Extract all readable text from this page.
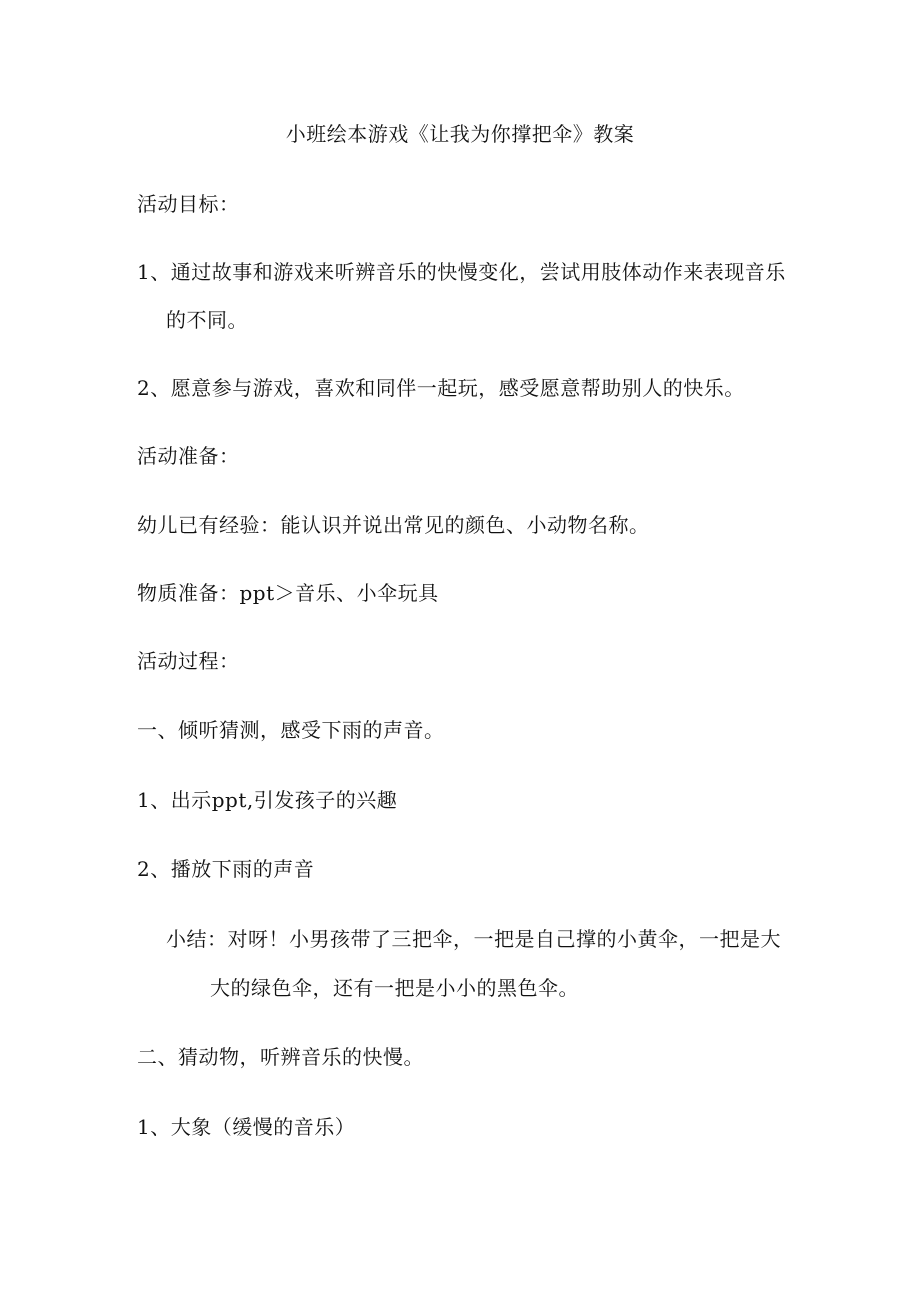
小班绘本游戏《让我为你撑把伞》教案
活动目标：
1、通过故事和游戏来听辨音乐的快慢变化，尝试用肢体动作来表现音乐
的不同。
2、愿意参与游戏，喜欢和同伴一起玩，感受愿意帮助别人的快乐。
活动准备：
幼儿已有经验：能认识并说出常见的颜色、小动物名称。
物质准备：ppt＞音乐、小伞玩具
活动过程：
一、倾听猜测，感受下雨的声音。
1、出示ppt,引发孩子的兴趣
2、播放下雨的声音
小结：对呀！小男孩带了三把伞，一把是自己撑的小黄伞，一把是大
大的绿色伞，还有一把是小小的黑色伞。
二、猜动物，听辨音乐的快慢。
1、大象（缓慢的音乐）
